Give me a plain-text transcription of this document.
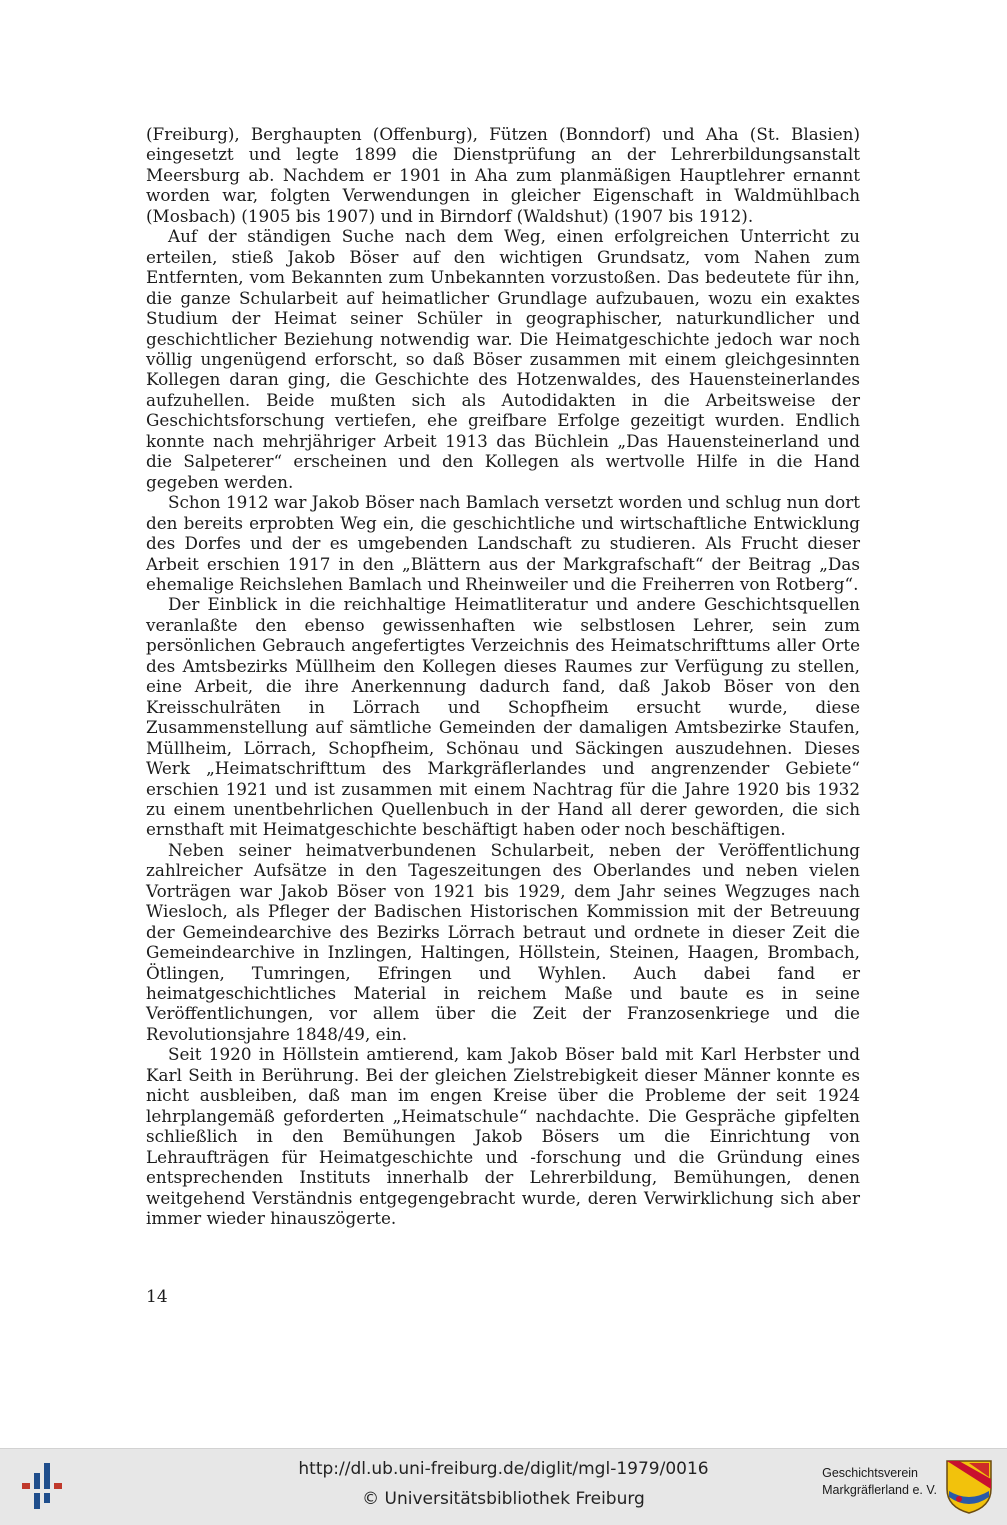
(Freiburg), Berghaupten (Offenburg), Fützen (Bonndorf) und Aha (St. Blasien) eingesetzt und legte 1899 die Dienstprüfung an der Lehrerbildungsanstalt Meersburg ab. Nachdem er 1901 in Aha zum planmäßigen Hauptlehrer ernannt worden war, folgten Verwendungen in gleicher Eigenschaft in Waldmühlbach (Mosbach) (1905 bis 1907) und in Birndorf (Waldshut) (1907 bis 1912).

Auf der ständigen Suche nach dem Weg, einen erfolgreichen Unterricht zu erteilen, stieß Jakob Böser auf den wichtigen Grundsatz, vom Nahen zum Entfernten, vom Bekannten zum Unbekannten vorzustoßen. Das bedeutete für ihn, die ganze Schularbeit auf heimatlicher Grundlage aufzubauen, wozu ein exaktes Studium der Heimat seiner Schüler in geographischer, naturkundlicher und geschichtlicher Beziehung notwendig war. Die Heimatgeschichte jedoch war noch völlig ungenügend erforscht, so daß Böser zusammen mit einem gleichgesinnten Kollegen daran ging, die Geschichte des Hotzenwaldes, des Hauensteinerlandes aufzuhellen. Beide mußten sich als Autodidakten in die Arbeitsweise der Geschichtsforschung vertiefen, ehe greifbare Erfolge gezeitigt wurden. Endlich konnte nach mehrjähriger Arbeit 1913 das Büchlein „Das Hauensteinerland und die Salpeterer“ erscheinen und den Kollegen als wertvolle Hilfe in die Hand gegeben werden.

Schon 1912 war Jakob Böser nach Bamlach versetzt worden und schlug nun dort den bereits erprobten Weg ein, die geschichtliche und wirtschaftliche Entwicklung des Dorfes und der es umgebenden Landschaft zu studieren. Als Frucht dieser Arbeit erschien 1917 in den „Blättern aus der Markgrafschaft“ der Beitrag „Das ehemalige Reichslehen Bamlach und Rheinweiler und die Freiherren von Rotberg“.

Der Einblick in die reichhaltige Heimatliteratur und andere Geschichtsquellen veranlaßte den ebenso gewissenhaften wie selbstlosen Lehrer, sein zum persönlichen Gebrauch angefertigtes Verzeichnis des Heimatschrifttums aller Orte des Amtsbezirks Müllheim den Kollegen dieses Raumes zur Verfügung zu stellen, eine Arbeit, die ihre Anerkennung dadurch fand, daß Jakob Böser von den Kreisschulräten in Lörrach und Schopfheim ersucht wurde, diese Zusammenstellung auf sämtliche Gemeinden der damaligen Amtsbezirke Staufen, Müllheim, Lörrach, Schopfheim, Schönau und Säckingen auszudehnen. Dieses Werk „Heimatschrifttum des Markgräflerlandes und angrenzender Gebiete“ erschien 1921 und ist zusammen mit einem Nachtrag für die Jahre 1920 bis 1932 zu einem unentbehrlichen Quellenbuch in der Hand all derer geworden, die sich ernsthaft mit Heimatgeschichte beschäftigt haben oder noch beschäftigen.

Neben seiner heimatverbundenen Schularbeit, neben der Veröffentlichung zahlreicher Aufsätze in den Tageszeitungen des Oberlandes und neben vielen Vorträgen war Jakob Böser von 1921 bis 1929, dem Jahr seines Wegzuges nach Wiesloch, als Pfleger der Badischen Historischen Kommission mit der Betreuung der Gemeindearchive des Bezirks Lörrach betraut und ordnete in dieser Zeit die Gemeindearchive in Inzlingen, Haltingen, Höllstein, Steinen, Haagen, Brombach, Ötlingen, Tumringen, Efringen und Wyhlen. Auch dabei fand er heimatgeschichtliches Material in reichem Maße und baute es in seine Veröffentlichungen, vor allem über die Zeit der Franzosenkriege und die Revolutionsjahre 1848/49, ein.

Seit 1920 in Höllstein amtierend, kam Jakob Böser bald mit Karl Herbster und Karl Seith in Berührung. Bei der gleichen Zielstrebigkeit dieser Männer konnte es nicht ausbleiben, daß man im engen Kreise über die Probleme der seit 1924 lehrplangemäß geforderten „Heimatschule“ nachdachte. Die Gespräche gipfelten schließlich in den Bemühungen Jakob Bösers um die Einrichtung von Lehraufträgen für Heimatgeschichte und -forschung und die Gründung eines entsprechenden Instituts innerhalb der Lehrerbildung, Bemühungen, denen weitgehend Verständnis entgegengebracht wurde, deren Verwirklichung sich aber immer wieder hinauszögerte.

14
http://dl.ub.uni-freiburg.de/diglit/mgl-1979/0016
© Universitätsbibliothek Freiburg
Geschichtsverein
Markgräflerland e. V.
